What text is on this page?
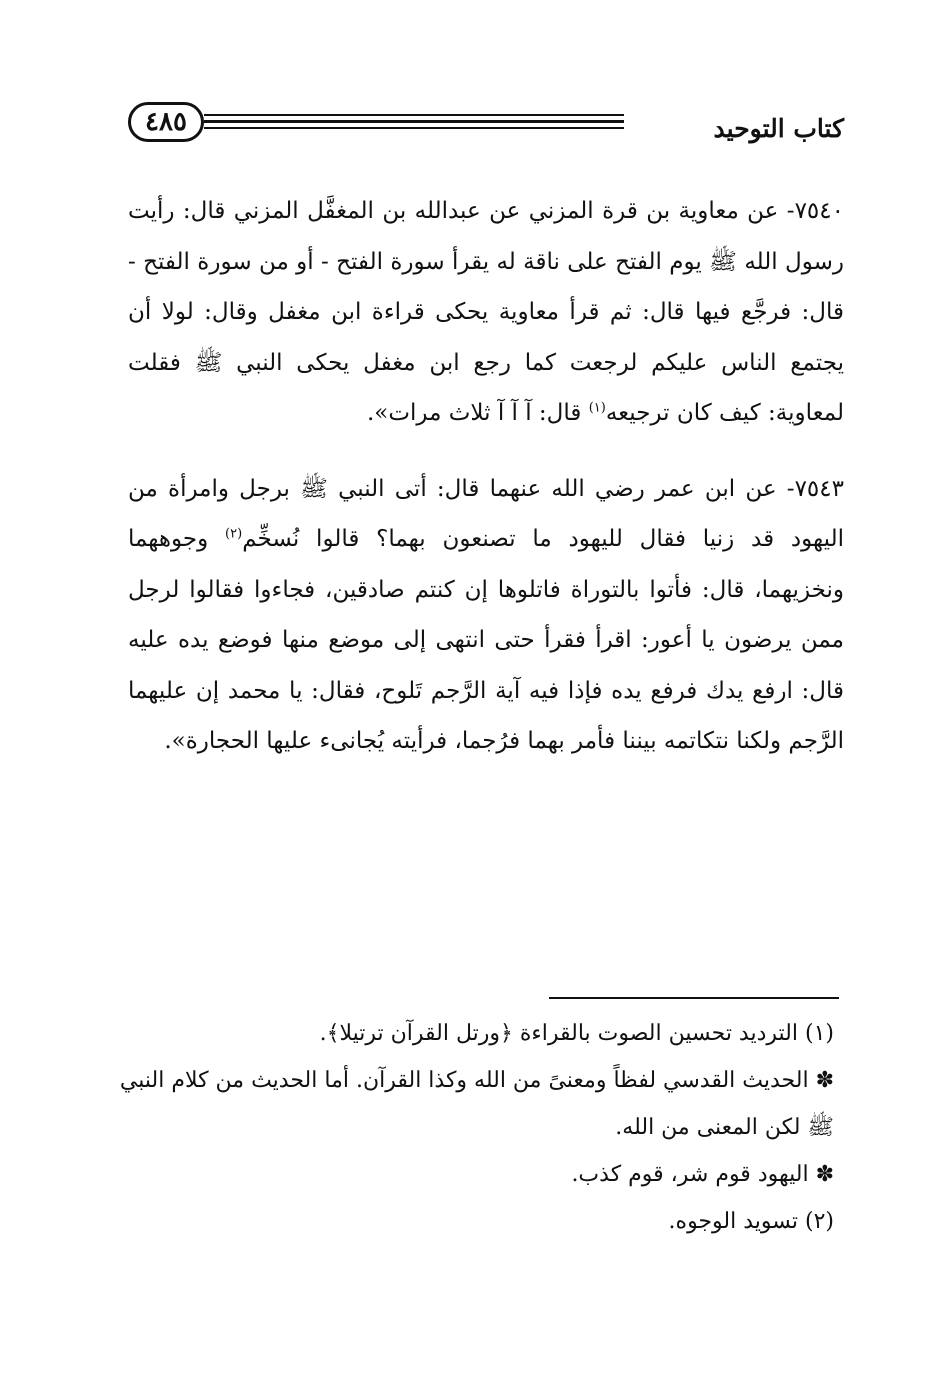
٤٨٥	كتاب التوحيد

٧٥٤٠- عن معاوية بن قرة المزني عن عبدالله بن المغفَّل المزني قال: رأيت رسول الله ﷺ يوم الفتح على ناقة له يقرأ سورة الفتح - أو من سورة الفتح - قال: فرجَّع فيها قال: ثم قرأ معاوية يحكى قراءة ابن مغفل وقال: لولا أن يجتمع الناس عليكم لرجعت كما رجع ابن مغفل يحكى النبي ﷺ فقلت لمعاوية: كيف كان ترجيعه$^{(١)}$ قال: آ آ آ ثلاث مرات».

٧٥٤٣- عن ابن عمر رضي الله عنهما قال: أتى النبي ﷺ برجل وامرأة من اليهود قد زنيا فقال لليهود ما تصنعون بهما؟ قالوا نُسخِّم$^{(٢)}$ وجوههما ونخزيهما، قال: فأتوا بالتوراة فاتلوها إن كنتم صادقين، فجاءوا فقالوا لرجل ممن يرضون يا أعور: اقرأ فقرأ حتى انتهى إلى موضع منها فوضع يده عليه قال: ارفع يدك فرفع يده فإذا فيه آية الرَّجم تَلوح، فقال: يا محمد إن عليهما الرَّجم ولكنا نتكاتمه بيننا فأمر بهما فرُجما، فرأيته يُجانىء عليها الحجارة».

(١) الترديد تحسين الصوت بالقراءة ﴿ورتل القرآن ترتيلا﴾.

✽ الحديث القدسي لفظاً ومعنىً من الله وكذا القرآن. أما الحديث من كلام النبي ﷺ لكن المعنى من الله.

✽ اليهود قوم شر، قوم كذب.

(٢) تسويد الوجوه.
